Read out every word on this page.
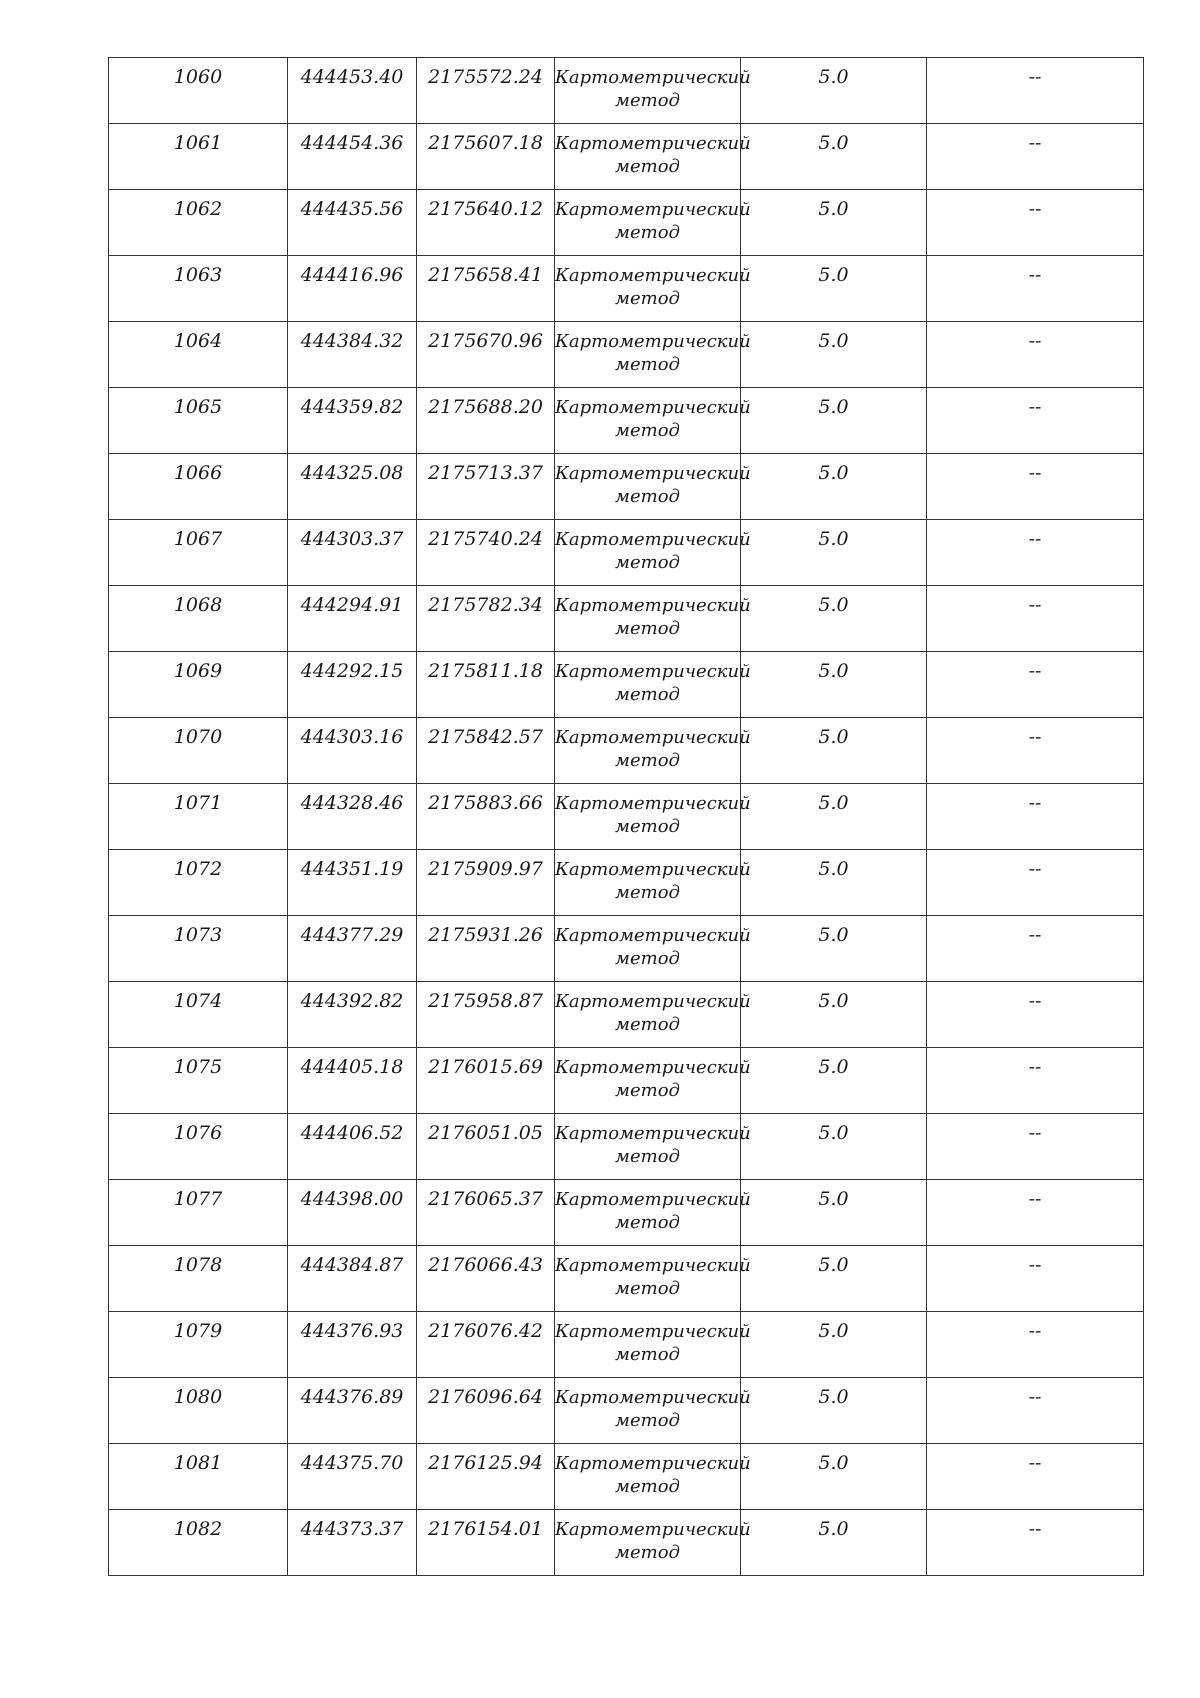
1060	444453.40	2175572.24	Картометрический метод	5.0	--

1061	444454.36	2175607.18	Картометрический метод	5.0	--

1062	444435.56	2175640.12	Картометрический метод	5.0	--

1063	444416.96	2175658.41	Картометрический метод	5.0	--

1064	444384.32	2175670.96	Картометрический метод	5.0	--

1065	444359.82	2175688.20	Картометрический метод	5.0	--

1066	444325.08	2175713.37	Картометрический метод	5.0	--

1067	444303.37	2175740.24	Картометрический метод	5.0	--

1068	444294.91	2175782.34	Картометрический метод	5.0	--

1069	444292.15	2175811.18	Картометрический метод	5.0	--

1070	444303.16	2175842.57	Картометрический метод	5.0	--

1071	444328.46	2175883.66	Картометрический метод	5.0	--

1072	444351.19	2175909.97	Картометрический метод	5.0	--

1073	444377.29	2175931.26	Картометрический метод	5.0	--

1074	444392.82	2175958.87	Картометрический метод	5.0	--

1075	444405.18	2176015.69	Картометрический метод	5.0	--

1076	444406.52	2176051.05	Картометрический метод	5.0	--

1077	444398.00	2176065.37	Картометрический метод	5.0	--

1078	444384.87	2176066.43	Картометрический метод	5.0	--

1079	444376.93	2176076.42	Картометрический метод	5.0	--

1080	444376.89	2176096.64	Картометрический метод	5.0	--

1081	444375.70	2176125.94	Картометрический метод	5.0	--

1082	444373.37	2176154.01	Картометрический метод	5.0	--
